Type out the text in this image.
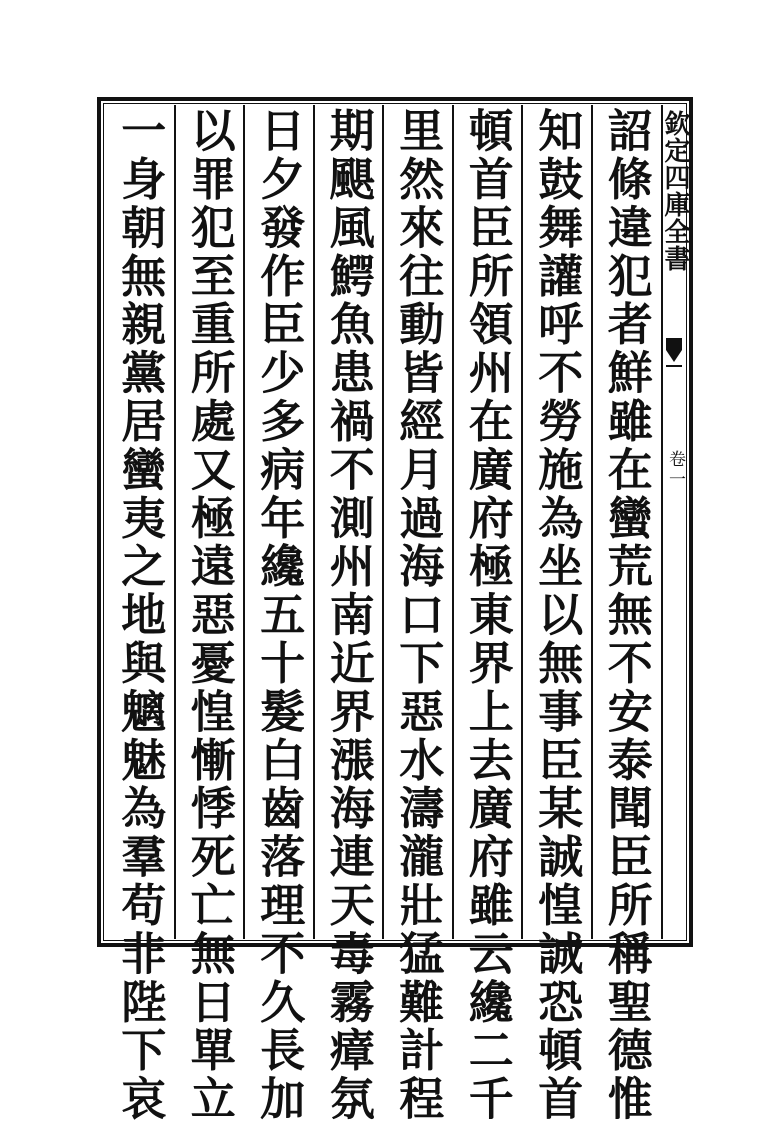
欽定四庫全書
卷一
詔條違犯者鮮雖在蠻荒無不安泰聞臣所稱聖德惟
知鼓舞讙呼不勞施為坐以無事臣某誠惶誠恐頓首
頓首臣所領州在廣府極東界上去廣府雖云纔二千
里然來往動皆經月過海口下惡水濤瀧壯猛難計程
期颶風鰐魚患禍不測州南近界漲海連天毒霧瘴氛
日夕發作臣少多病年纔五十髮白齒落理不久長加
以罪犯至重所處又極遠惡憂惶慚悸死亡無日單立
一身朝無親黨居蠻夷之地與魑魅為羣苟非陛下哀
